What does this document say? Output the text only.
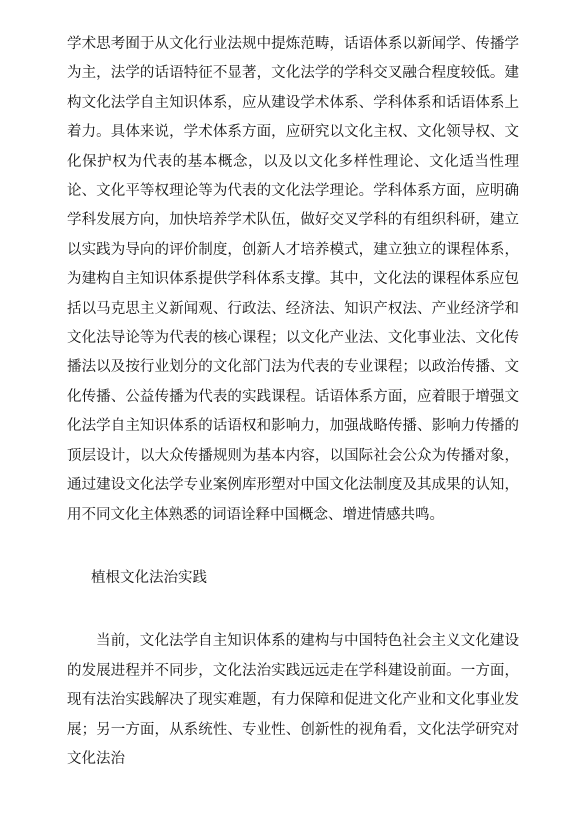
学术思考囿于从文化行业法规中提炼范畴，话语体系以新闻学、传播学为主，法学的话语特征不显著，文化法学的学科交叉融合程度较低。建构文化法学自主知识体系，应从建设学术体系、学科体系和话语体系上着力。具体来说，学术体系方面，应研究以文化主权、文化领导权、文化保护权为代表的基本概念，以及以文化多样性理论、文化适当性理论、文化平等权理论等为代表的文化法学理论。学科体系方面，应明确学科发展方向，加快培养学术队伍，做好交叉学科的有组织科研，建立以实践为导向的评价制度，创新人才培养模式，建立独立的课程体系，为建构自主知识体系提供学科体系支撑。其中，文化法的课程体系应包括以马克思主义新闻观、行政法、经济法、知识产权法、产业经济学和文化法导论等为代表的核心课程；以文化产业法、文化事业法、文化传播法以及按行业划分的文化部门法为代表的专业课程；以政治传播、文化传播、公益传播为代表的实践课程。话语体系方面，应着眼于增强文化法学自主知识体系的话语权和影响力，加强战略传播、影响力传播的顶层设计，以大众传播规则为基本内容，以国际社会公众为传播对象，通过建设文化法学专业案例库形塑对中国文化法制度及其成果的认知，用不同文化主体熟悉的词语诠释中国概念、增进情感共鸣。

植根文化法治实践

当前，文化法学自主知识体系的建构与中国特色社会主义文化建设的发展进程并不同步，文化法治实践远远走在学科建设前面。一方面，现有法治实践解决了现实难题，有力保障和促进文化产业和文化事业发展；另一方面，从系统性、专业性、创新性的视角看，文化法学研究对文化法治
